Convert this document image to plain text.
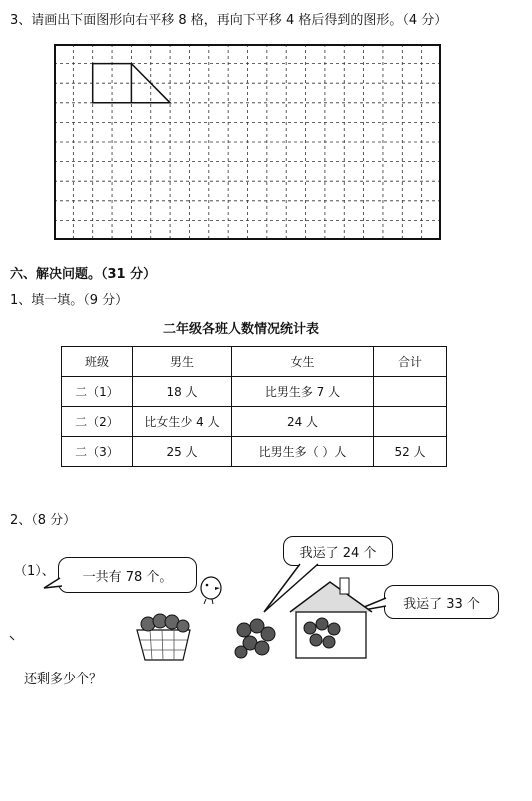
3、请画出下面图形向右平移 8 格，再向下平移 4 格后得到的图形。（4 分）
六、解决问题。（31 分）
1、填一填。（9 分）
二年级各班人数情况统计表
班级	男生	女生	合计
二（1）	18 人	比男生多 7 人	
二（2）	比女生少 4 人	24 人	
二（3）	25 人	比男生多（ ）人	52 人
2、（8 分）
（1）、 一共有 78 个。
我运了 24 个
我运了 33 个
还剩多少个？
